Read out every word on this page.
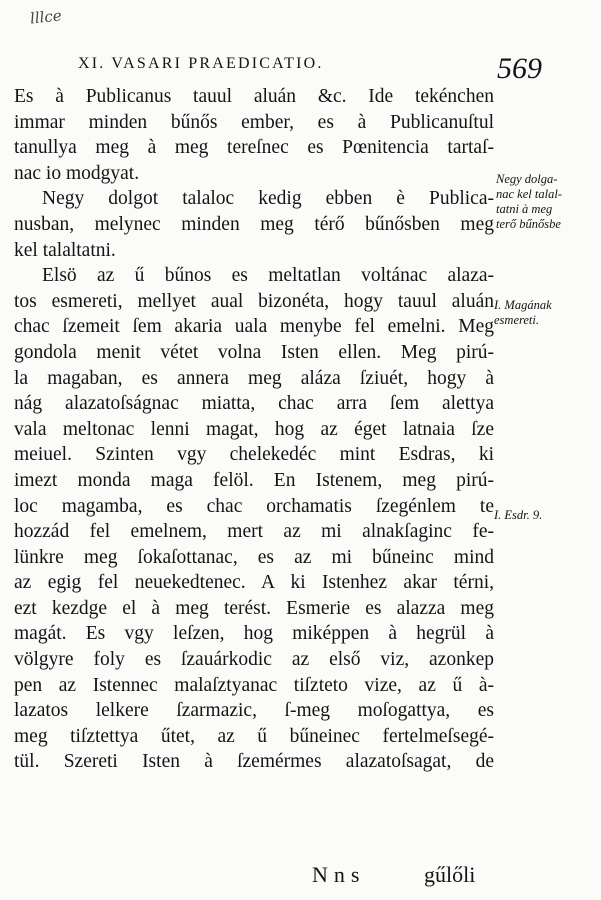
lllce
XI. VASARI PRAEDICATIO.	569
Es à Publicanus tauul aluán &c. Ide tekénchen
immar minden bűnős ember, es à Publicanuſtul
tanullya meg à meg tereſnec es Pœnitencia tartaſ-
nac io modgyat.
Negy dolgot talaloc kedig ebben è Publica-
nusban, melynec minden meg térő bűnősben meg
kel talaltatni.
Elsö az ű bűnos es meltatlan voltánac alaza-
tos esmereti, mellyet aual bizonéta, hogy tauul aluán
chac ſzemeit ſem akaria uala menybe fel emelni. Meg
gondola menit vétet volna Isten ellen. Meg pirú-
la magaban, es annera meg aláza ſziuét, hogy à
nág alazatoſságnac miatta, chac arra ſem alettya
vala meltonac lenni magat, hog az éget latnaia ſze
meiuel. Szinten vgy chelekedéc mint Esdras, ki
imezt monda maga felöl. En Istenem, meg pirú-
loc magamba, es chac orchamatis ſzegénlem te
hozzád fel emelnem, mert az mi alnakſaginc fe-
lünkre meg ſokaſottanac, es az mi bűneinc mind
az egig fel neuekedtenec. A ki Istenhez akar térni,
ezt kezdge el à meg terést. Esmerie es alazza meg
magát. Es vgy leſzen, hog miképpen à hegrül à
völgyre foly es ſzauárkodic az első viz, azonkep
pen az Istennec malaſztyanac tiſzteto vize, az ű à-
lazatos lelkere ſzarmazic, ſ-meg moſogattya, es
meg tiſztettya űtet, az ű bűneinec fertelmeſsegé-
tül. Szereti Isten à ſzemérmes alazatoſsagat, de
Negy dolga-
nac kel talal-
tatni à meg
terő bűnősbe
I. Magának
esmereti.
I. Esdr. 9.
Nns	gűlőli
